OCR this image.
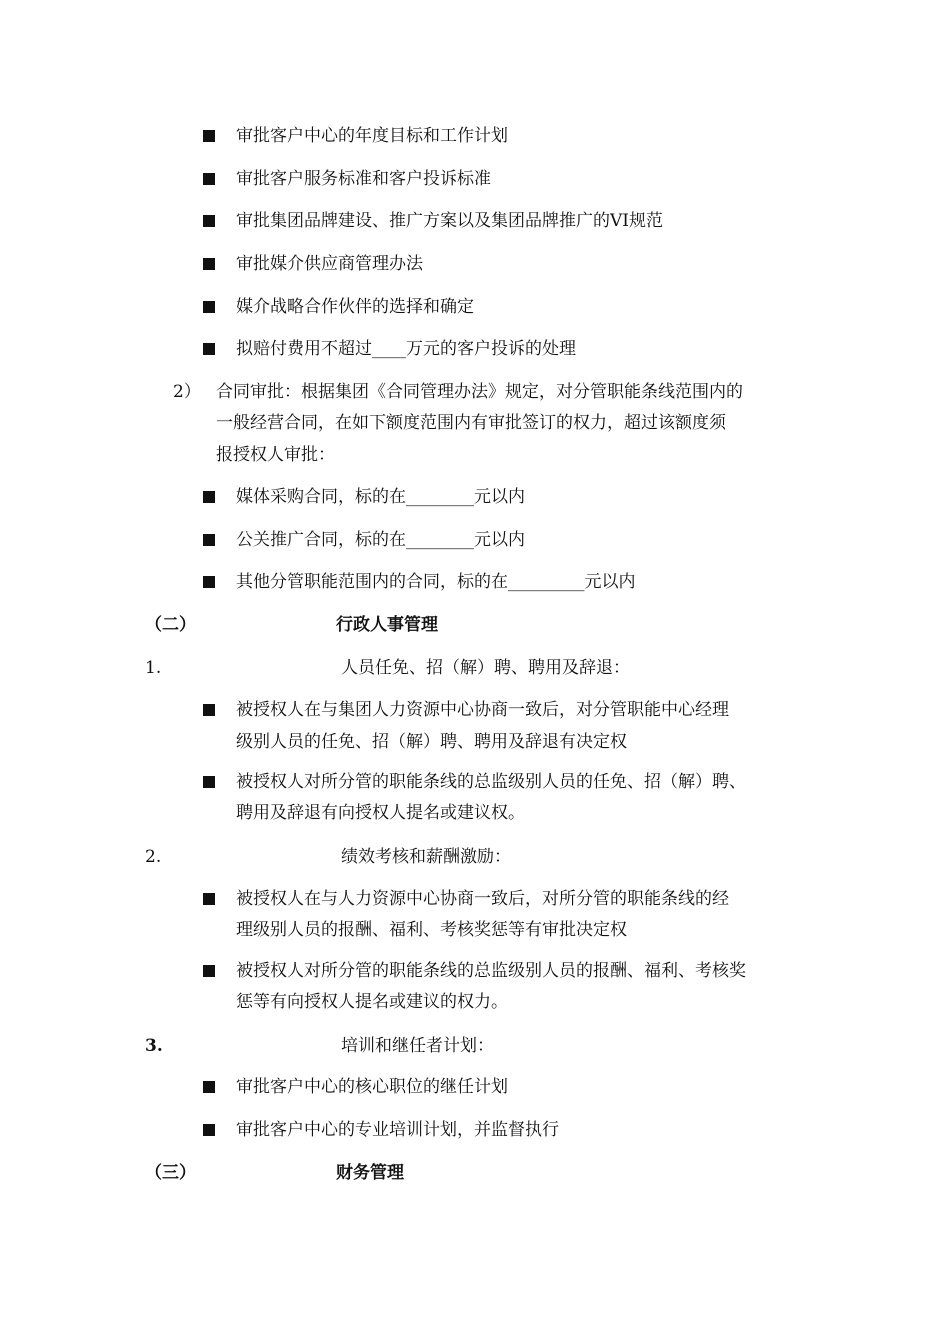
审批客户中心的年度目标和工作计划
审批客户服务标准和客户投诉标准
审批集团品牌建设、推广方案以及集团品牌推广的VI规范
审批媒介供应商管理办法
媒介战略合作伙伴的选择和确定
拟赔付费用不超过____万元的客户投诉的处理
2） 合同审批：根据集团《合同管理办法》规定，对分管职能条线范围内的
一般经营合同，在如下额度范围内有审批签订的权力，超过该额度须
报授权人审批：
媒体采购合同，标的在________元以内
公关推广合同，标的在________元以内
其他分管职能范围内的合同，标的在_________元以内
（二）	行政人事管理
1.	人员任免、招（解）聘、聘用及辞退：
被授权人在与集团人力资源中心协商一致后，对分管职能中心经理
级别人员的任免、招（解）聘、聘用及辞退有决定权
被授权人对所分管的职能条线的总监级别人员的任免、招（解）聘、
聘用及辞退有向授权人提名或建议权。
2.	绩效考核和薪酬激励：
被授权人在与人力资源中心协商一致后，对所分管的职能条线的经
理级别人员的报酬、福利、考核奖惩等有审批决定权
被授权人对所分管的职能条线的总监级别人员的报酬、福利、考核奖
惩等有向授权人提名或建议的权力。
3.	培训和继任者计划：
审批客户中心的核心职位的继任计划
审批客户中心的专业培训计划，并监督执行
（三）	财务管理
